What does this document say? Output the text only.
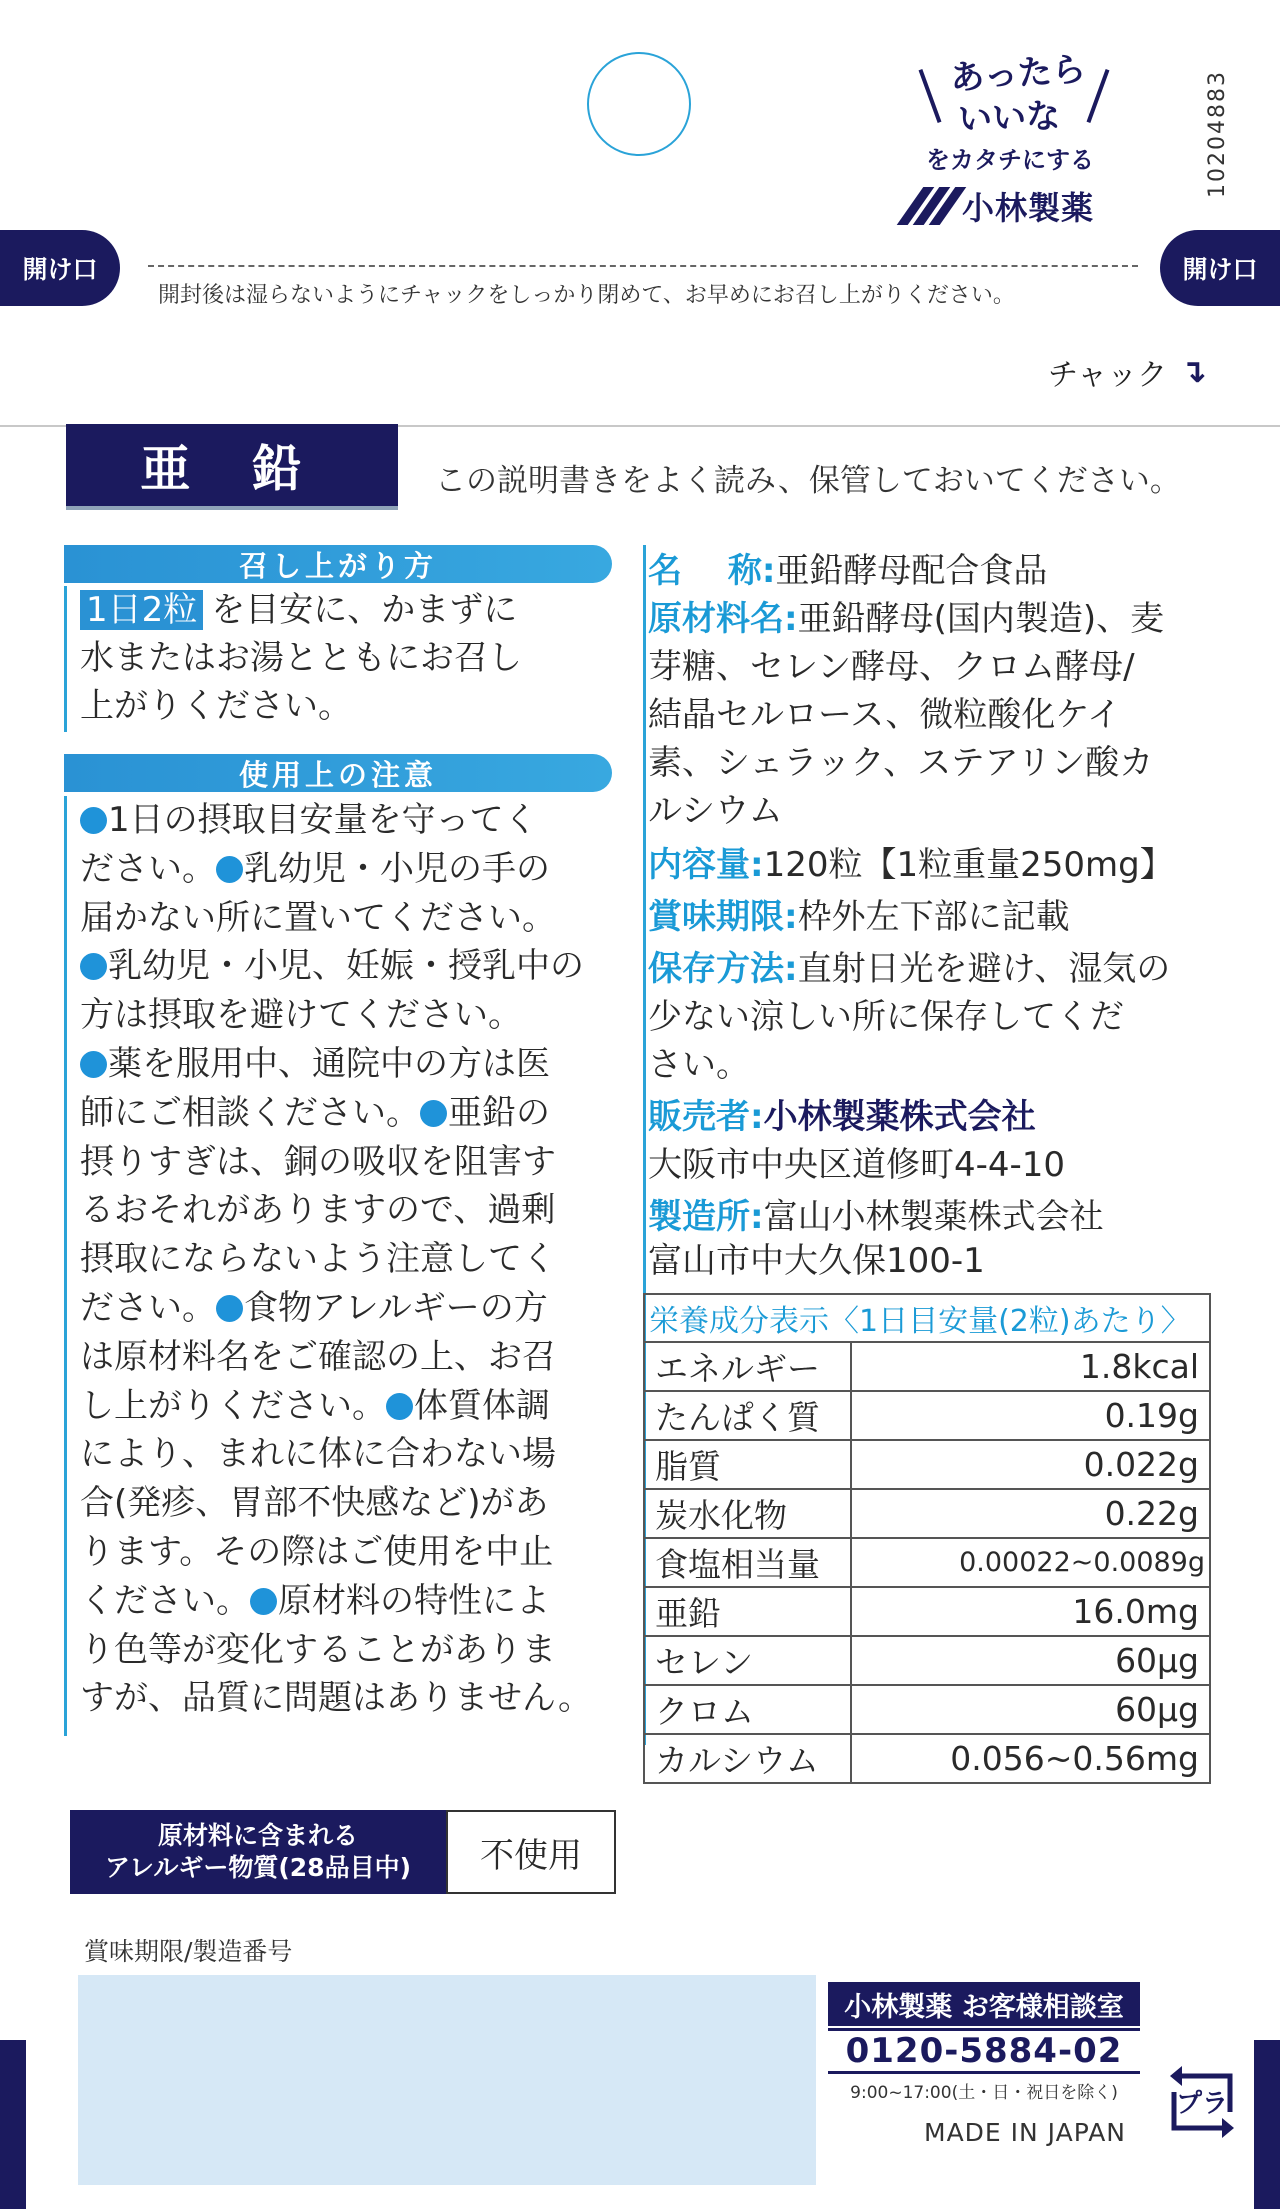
あったら
いいな
をカタチにする
小林製薬
10204883
開け口	開け口
開封後は湿らないようにチャックをしっかり閉めて、お早めにお召し上がりください。
チャック ↴
亜 鉛	この説明書きをよく読み、保管しておいてください。
召し上がり方
1日2粒 を目安に、かまずに
水またはお湯とともにお召し
上がりください。
使用上の注意
1日の摂取目安量を守ってく
ださい。 乳幼児・小児の手の
届かない所に置いてください。
乳幼児・小児、妊娠・授乳中の
方は摂取を避けてください。
薬を服用中、通院中の方は医
師にご相談ください。 亜鉛の
摂りすぎは、銅の吸収を阻害す
るおそれがありますので、過剰
摂取にならないよう注意してく
ださい。 食物アレルギーの方
は原材料名をご確認の上、お召
し上がりください。 体質体調
により、まれに体に合わない場
合(発疹、胃部不快感など)があ
ります。その際はご使用を中止
ください。 原材料の特性によ
り色等が変化することがありま
すが、品質に問題はありません。
名　 称:亜鉛酵母配合食品
原材料名:亜鉛酵母(国内製造)、麦
芽糖、セレン酵母、クロム酵母/
結晶セルロース、微粒酸化ケイ
素、シェラック、ステアリン酸カ
ルシウム
内容量:120粒【1粒重量250mg】
賞味期限:枠外左下部に記載
保存方法:直射日光を避け、湿気の
少ない涼しい所に保存してくだ
さい。
販売者:小林製薬株式会社
大阪市中央区道修町4-4-10
製造所:富山小林製薬株式会社
富山市中大久保100-1
栄養成分表示〈1日目安量(2粒)あたり〉	
エネルギー	1.8kcal
たんぱく質	0.19g
脂質	0.022g
炭水化物	0.22g
食塩相当量	0.00022~0.0089g
亜鉛	16.0mg
セレン	60μg
クロム	60μg
カルシウム	0.056~0.56mg
原材料に含まれる
アレルギー物質(28品目中)	不使用
賞味期限/製造番号
小林製薬 お客様相談室
0120-5884-02
9:00~17:00(土・日・祝日を除く)	プラ
MADE IN JAPAN
